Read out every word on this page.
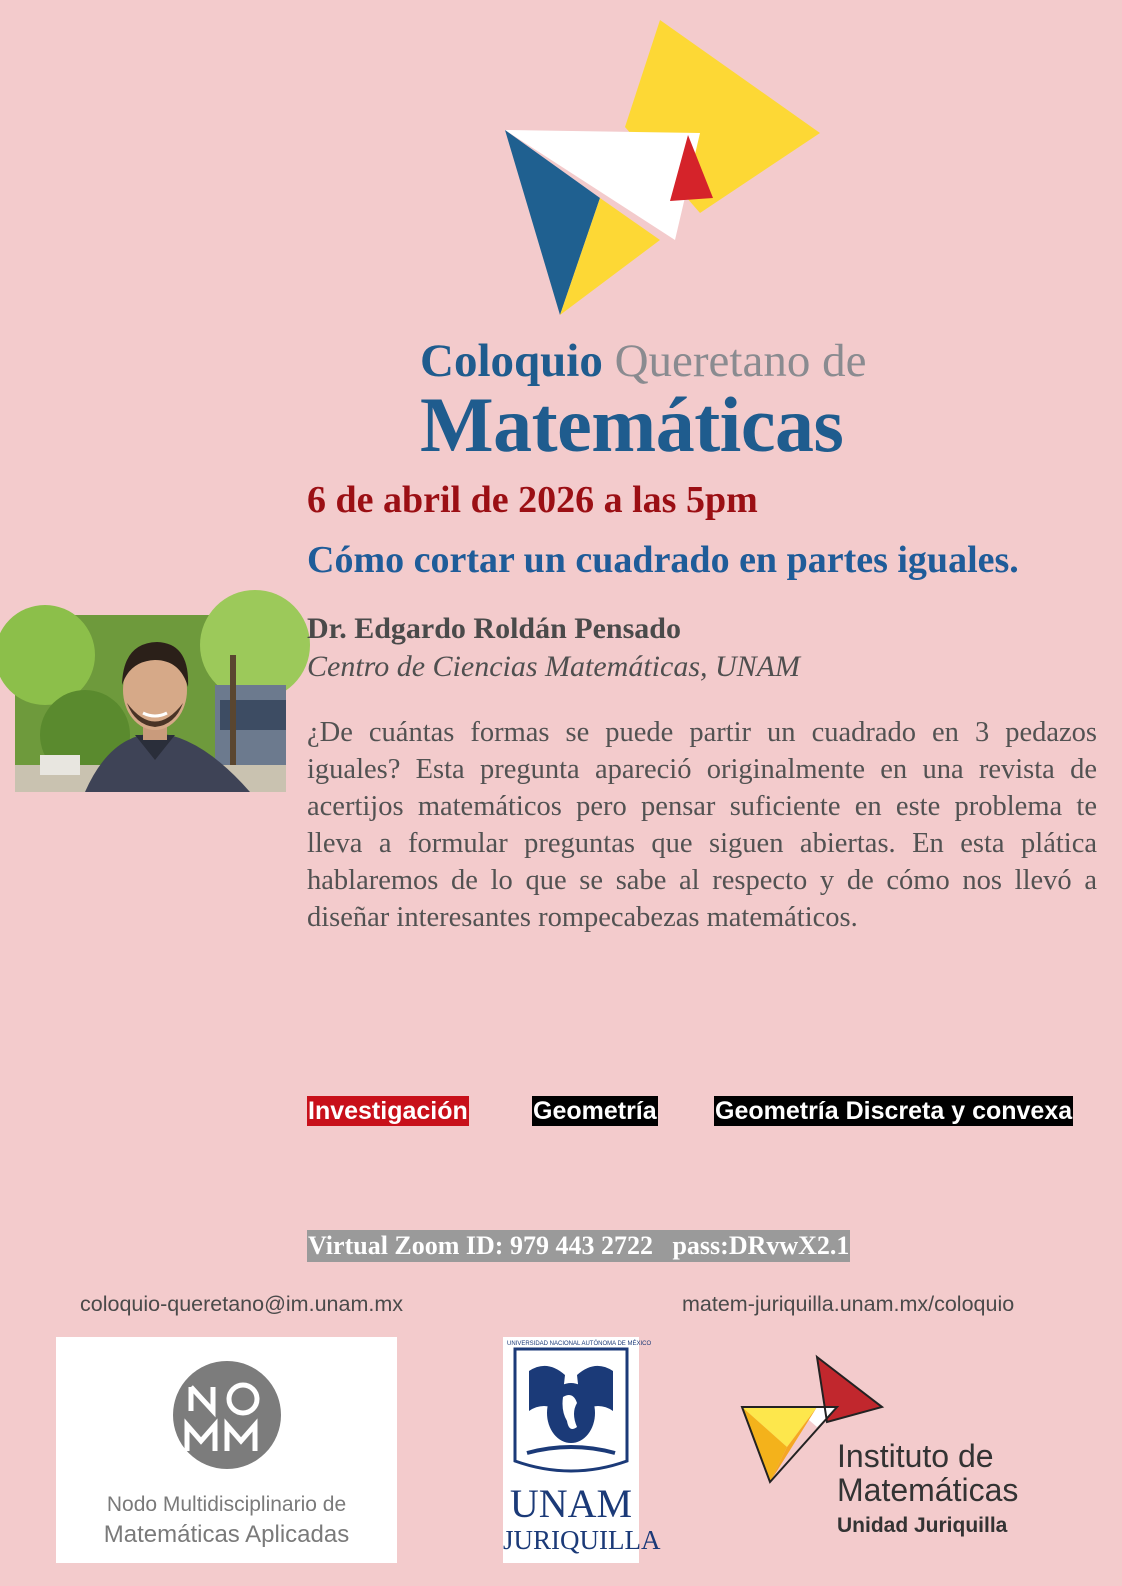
Coloquio Queretano de
Matemáticas
6 de abril de 2026 a las 5pm
Cómo cortar un cuadrado en partes iguales.
Dr. Edgardo Roldán Pensado
Centro de Ciencias Matemáticas, UNAM
¿De cuántas formas se puede partir un cuadrado en 3 pedazos iguales? Esta pregunta apareció originalmente en una revista de acertijos matemáticos pero pensar suficiente en este problema te lleva a formular preguntas que siguen abiertas. En esta plática hablaremos de lo que se sabe al respecto y de cómo nos llevó a diseñar interesantes rompecabezas matemáticos.
Investigación	Geometría Geometría Discreta y convexa
Virtual Zoom ID: 979 443 2722   pass:DRvwX2.1
coloquio-queretano@im.unam.mx	matem-juriquilla.unam.mx/coloquio
Nodo Multidisciplinario de
Matemáticas Aplicadas
UNIVERSIDAD NACIONAL AUTÓNOMA DE MÉXICO
UNAM
JURIQUILLA
Instituto de
Matemáticas
Unidad Juriquilla
